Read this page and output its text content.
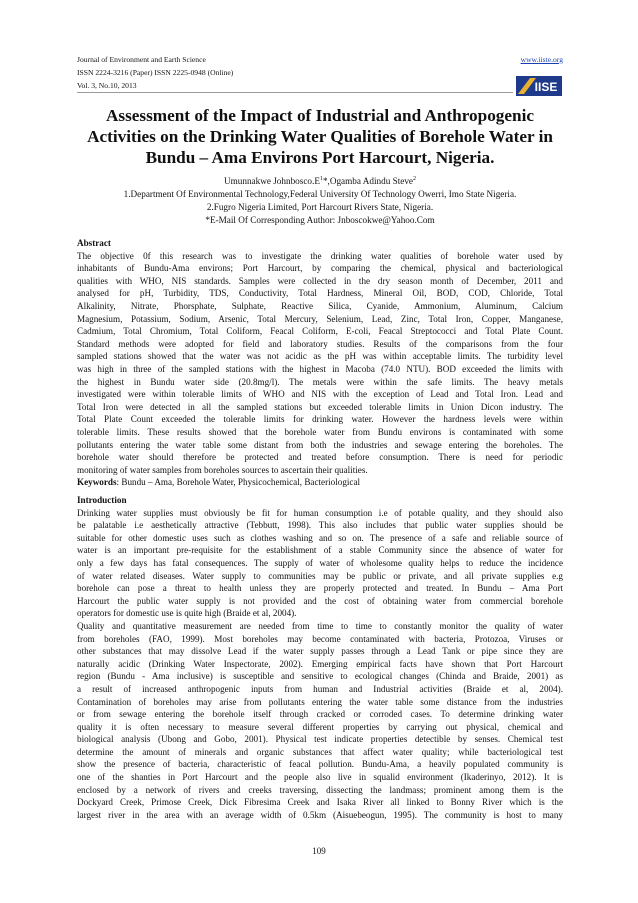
Journal of Environment and Earth Science
ISSN 2224-3216 (Paper) ISSN 2225-0948 (Online)
Vol. 3, No.10, 2013
www.iiste.org
IISE
Assessment of the Impact of Industrial and Anthropogenic
Activities on the Drinking Water Qualities of Borehole Water in
Bundu – Ama Environs Port Harcourt, Nigeria.
Umunnakwe $Johnbosco.E^1*,Ogamba$ Adindu Steve$^2$
1.Department Of Environmental Technology,Federal University Of Technology Owerri, Imo State Nigeria.
2.Fugro Nigeria Limited, Port Harcourt Rivers State, Nigeria.
*E-Mail Of Corresponding Author: Jnboscokwe@Yahoo.Com
Abstract
The objective 0f this research was to investigate the drinking water qualities of borehole water used by
inhabitants of Bundu-Ama environs; Port Harcourt, by comparing the chemical, physical and bacteriological
qualities with WHO, NIS standards. Samples were collected in the dry season month of December, 2011 and
analysed for pH, Turbidity, TDS, Conductivity, Total Hardness, Mineral Oil, BOD, COD, Chloride, Total
Alkalinity, Nitrate, Phorsphate, Sulphate, Reactive Silica, Cyanide, Ammonium, Aluminum, Calcium
Magnesium, Potassium, Sodium, Arsenic, Total Mercury, Selenium, Lead, Zinc, Total Iron, Copper, Manganese,
Cadmium, Total Chromium, Total Coliform, Feacal Coliform, E-coli, Feacal Streptococci and Total Plate Count.
Standard methods were adopted for field and laboratory studies. Results of the comparisons from the four
sampled stations showed that the water was not acidic as the pH was within acceptable limits. The turbidity level
was high in three of the sampled stations with the highest in Macoba (74.0 NTU). BOD exceeded the limits with
the highest in Bundu water side (20.8mg/l). The metals were within the safe limits. The heavy metals
investigated were within tolerable limits of WHO and NIS with the exception of Lead and Total Iron. Lead and
Total Iron were detected in all the sampled stations but exceeded tolerable limits in Union Dicon industry. The
Total Plate Count exceeded the tolerable limits for drinking water. However the hardness levels were within
tolerable limits. These results showed that the borehole water from Bundu environs is contaminated with some
pollutants entering the water table some distant from both the industries and sewage entering the boreholes. The
borehole water should therefore be protected and treated before consumption. There is need for periodic
monitoring of water samples from boreholes sources to ascertain their qualities.
Keywords: Bundu – Ama, Borehole Water, Physicochemical, Bacteriological
Introduction
Drinking water supplies must obviously be fit for human consumption i.e of potable quality, and they should also
be palatable i.e aesthetically attractive (Tebbutt, 1998). This also includes that public water supplies should be
suitable for other domestic uses such as clothes washing and so on. The presence of a safe and reliable source of
water is an important pre-requisite for the establishment of a stable Community since the absence of water for
only a few days has fatal consequences. The supply of water of wholesome quality helps to reduce the incidence
of water related diseases. Water supply to communities may be public or private, and all private supplies e.g
borehole can pose a threat to health unless they are properly protected and treated. In Bundu – Ama Port
Harcourt the public water supply is not provided and the cost of obtaining water from commercial borehole
operators for domestic use is quite high (Braide et al, 2004).
Quality and quantitative measurement are needed from time to time to constantly monitor the quality of water
from boreholes (FAO, 1999). Most boreholes may become contaminated with bacteria, Protozoa, Viruses or
other substances that may dissolve Lead if the water supply passes through a Lead Tank or pipe since they are
naturally acidic (Drinking Water Inspectorate, 2002). Emerging empirical facts have shown that Port Harcourt
region (Bundu - Ama inclusive) is susceptible and sensitive to ecological changes (Chinda and Braide, 2001) as
a result of increased anthropogenic inputs from human and Industrial activities (Braide et al, 2004).
Contamination of boreholes may arise from pollutants entering the water table some distance from the industries
or from sewage entering the borehole itself through cracked or corroded cases. To determine drinking water
quality it is often necessary to measure several different properties by carrying out physical, chemical and
biological analysis (Ubong and Gobo, 2001). Physical test indicate properties detectible by senses. Chemical test
determine the amount of minerals and organic substances that affect water quality; while bacteriological test
show the presence of bacteria, characteristic of feacal pollution. Bundu-Ama, a heavily populated community is
one of the shanties in Port Harcourt and the people also live in squalid environment (Ikaderinyo, 2012). It is
enclosed by a network of rivers and creeks traversing, dissecting the landmass; prominent among them is the
Dockyard Creek, Primose Creek, Dick Fibresima Creek and Isaka River all linked to Bonny River which is the
largest river in the area with an average width of 0.5km (Aisuebeogun, 1995). The community is host to many
109
